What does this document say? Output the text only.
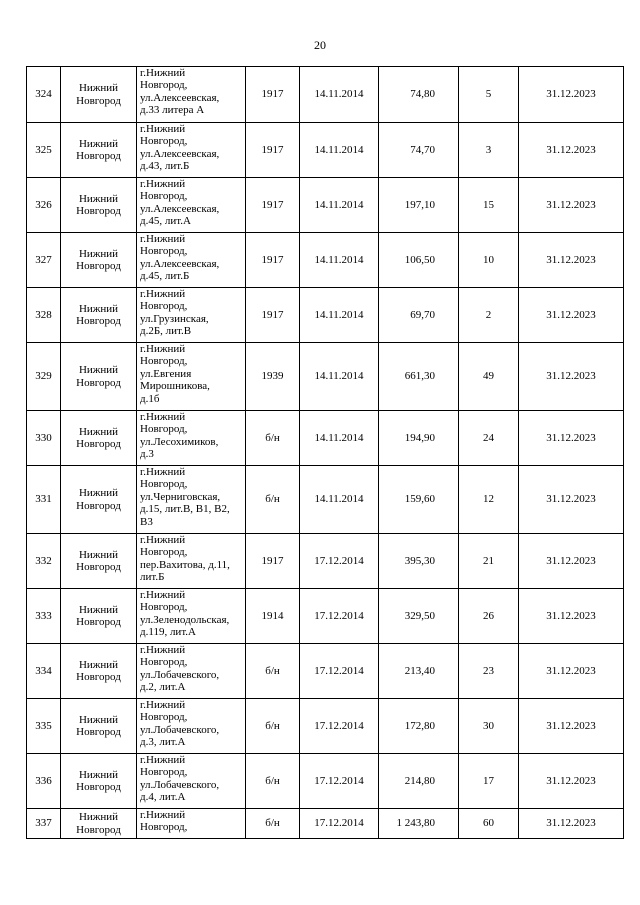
20
324	Нижний
Новгород	г.Нижний
Новгород,
ул.Алексеевская,
д.33 литера А	1917	14.11.2014	74,80	5	31.12.2023
325	Нижний
Новгород	г.Нижний
Новгород,
ул.Алексеевская,
д.43, лит.Б	1917	14.11.2014	74,70	3	31.12.2023
326	Нижний
Новгород	г.Нижний
Новгород,
ул.Алексеевская,
д.45, лит.А	1917	14.11.2014	197,10	15	31.12.2023
327	Нижний
Новгород	г.Нижний
Новгород,
ул.Алексеевская,
д.45, лит.Б	1917	14.11.2014	106,50	10	31.12.2023
328	Нижний
Новгород	г.Нижний
Новгород,
ул.Грузинская,
д.2Б, лит.В	1917	14.11.2014	69,70	2	31.12.2023
329	Нижний
Новгород	г.Нижний
Новгород,
ул.Евгения
Мирошникова,
д.1б	1939	14.11.2014	661,30	49	31.12.2023
330	Нижний
Новгород	г.Нижний
Новгород,
ул.Лесохимиков,
д.3	б/н	14.11.2014	194,90	24	31.12.2023
331	Нижний
Новгород	г.Нижний
Новгород,
ул.Черниговская,
д.15, лит.В, В1, В2,
В3	б/н	14.11.2014	159,60	12	31.12.2023
332	Нижний
Новгород	г.Нижний
Новгород,
пер.Вахитова, д.11,
лит.Б	1917	17.12.2014	395,30	21	31.12.2023
333	Нижний
Новгород	г.Нижний
Новгород,
ул.Зеленодольская,
д.119, лит.А	1914	17.12.2014	329,50	26	31.12.2023
334	Нижний
Новгород	г.Нижний
Новгород,
ул.Лобачевского,
д.2, лит.А	б/н	17.12.2014	213,40	23	31.12.2023
335	Нижний
Новгород	г.Нижний
Новгород,
ул.Лобачевского,
д.3, лит.А	б/н	17.12.2014	172,80	30	31.12.2023
336	Нижний
Новгород	г.Нижний
Новгород,
ул.Лобачевского,
д.4, лит.А	б/н	17.12.2014	214,80	17	31.12.2023
337	Нижний
Новгород	г.Нижний
Новгород,	б/н	17.12.2014	1 243,80	60	31.12.2023
